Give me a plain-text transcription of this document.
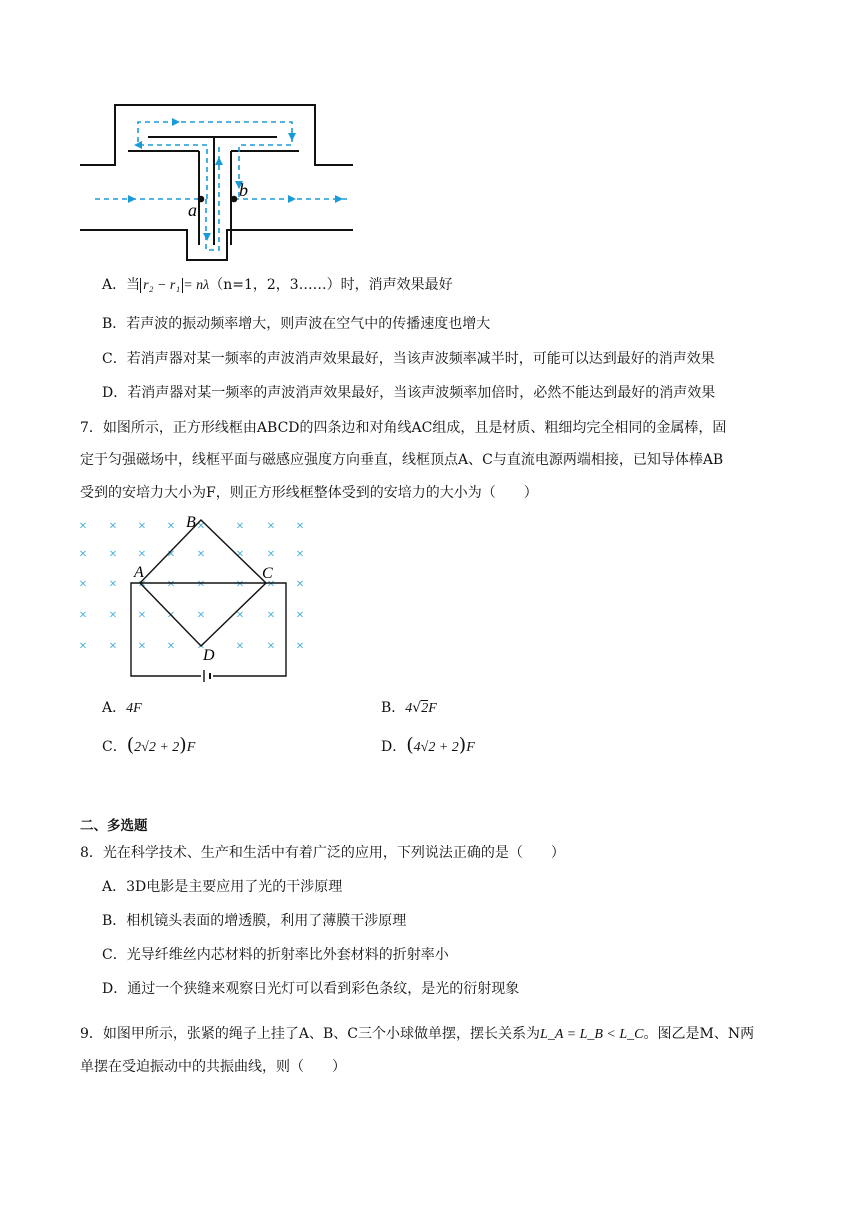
a
b
A．当 r₂ − r₁ = nλ（n=1，2，3……）时，消声效果最好
B．若声波的振动频率增大，则声波在空气中的传播速度也增大
C．若消声器对某一频率的声波消声效果最好，当该声波频率减半时，可能可以达到最好的消声效果
D．若消声器对某一频率的声波消声效果最好，当该声波频率加倍时，必然不能达到最好的消声效果
7．如图所示，正方形线框由ABCD的四条边和对角线AC组成，且是材质、粗细均完全相同的金属棒，固
定于匀强磁场中，线框平面与磁感应强度方向垂直，线框顶点A、C与直流电源两端相接，已知导体棒AB
受到的安培力大小为F，则正方形线框整体受到的安培力的大小为（　　）
× × × × × × × ×
× × × × × × × ×
× × × × × × × ×
× × × × × × × ×
× × × × × × × ×
B
A	C
D
A．4F	B．4√2F
C．(2√2 + 2)F	D．(4√2 + 2)F
二、多选题
8．光在科学技术、生产和生活中有着广泛的应用，下列说法正确的是（　　）
A．3D电影是主要应用了光的干涉原理
B．相机镜头表面的增透膜，利用了薄膜干涉原理
C．光导纤维丝内芯材料的折射率比外套材料的折射率小
D．通过一个狭缝来观察日光灯可以看到彩色条纹，是光的衍射现象
9．如图甲所示，张紧的绳子上挂了A、B、C三个小球做单摆，摆长关系为L_A = L_B < L_C。图乙是M、N两
单摆在受迫振动中的共振曲线，则（　　）
